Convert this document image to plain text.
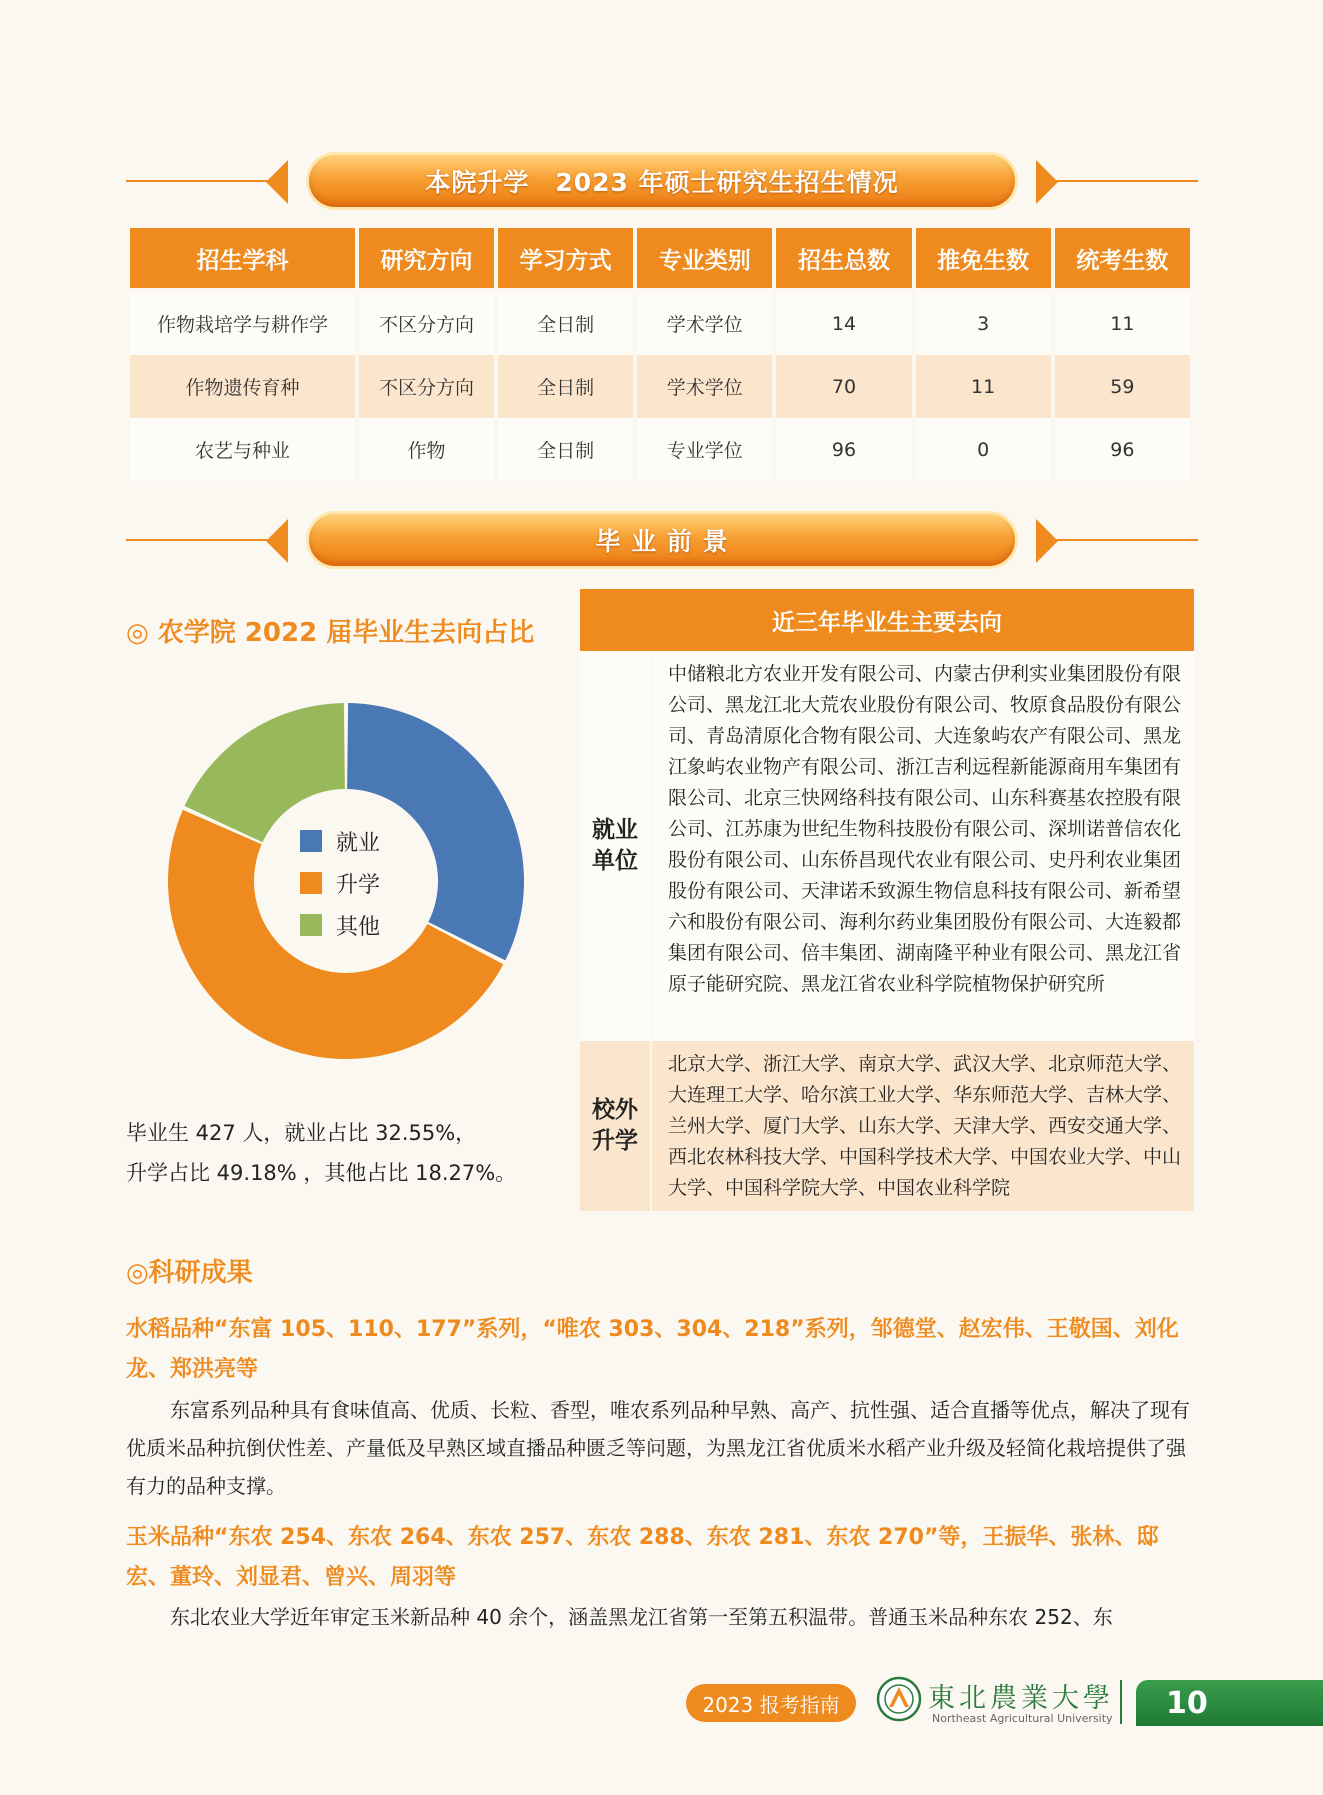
本院升学　2023 年硕士研究生招生情况
招生学科	研究方向	学习方式	专业类别	招生总数	推免生数	统考生数
作物栽培学与耕作学	不区分方向	全日制	学术学位	14	3	11
作物遗传育种	不区分方向	全日制	学术学位	70	11	59
农艺与种业	作物	全日制	专业学位	96	0	96
毕 业 前 景
◎ 农学院 2022 届毕业生去向占比
就业
升学
其他
毕业生 427 人，就业占比 32.55%，
升学占比 49.18% ，其他占比 18.27%。
近三年毕业生主要去向
就业单位
中储粮北方农业开发有限公司、内蒙古伊利实业集团股份有限公司、黑龙江北大荒农业股份有限公司、牧原食品股份有限公司、青岛清原化合物有限公司、大连象屿农产有限公司、黑龙江象屿农业物产有限公司、浙江吉利远程新能源商用车集团有限公司、北京三快网络科技有限公司、山东科赛基农控股有限公司、江苏康为世纪生物科技股份有限公司、深圳诺普信农化股份有限公司、山东侨昌现代农业有限公司、史丹利农业集团股份有限公司、天津诺禾致源生物信息科技有限公司、新希望六和股份有限公司、海利尔药业集团股份有限公司、大连毅都集团有限公司、倍丰集团、湖南隆平种业有限公司、黑龙江省原子能研究院、黑龙江省农业科学院植物保护研究所
校外升学
北京大学、浙江大学、南京大学、武汉大学、北京师范大学、大连理工大学、哈尔滨工业大学、华东师范大学、吉林大学、兰州大学、厦门大学、山东大学、天津大学、西安交通大学、西北农林科技大学、中国科学技术大学、中国农业大学、中山大学、中国科学院大学、中国农业科学院
◎科研成果
水稻品种“东富 105、110、177”系列，“唯农 303、304、218”系列，邹德堂、赵宏伟、王敬国、刘化龙、郑洪亮等
东富系列品种具有食味值高、优质、长粒、香型，唯农系列品种早熟、高产、抗性强、适合直播等优点，解决了现有优质米品种抗倒伏性差、产量低及早熟区域直播品种匮乏等问题，为黑龙江省优质米水稻产业升级及轻简化栽培提供了强有力的品种支撑。
玉米品种“东农 254、东农 264、东农 257、东农 288、东农 281、东农 270”等，王振华、张林、邸宏、董玲、刘显君、曾兴、周羽等
东北农业大学近年审定玉米新品种 40 余个，涵盖黑龙江省第一至第五积温带。普通玉米品种东农 252、东
2023 报考指南	東北農業大學
Northeast Agricultural University	10
